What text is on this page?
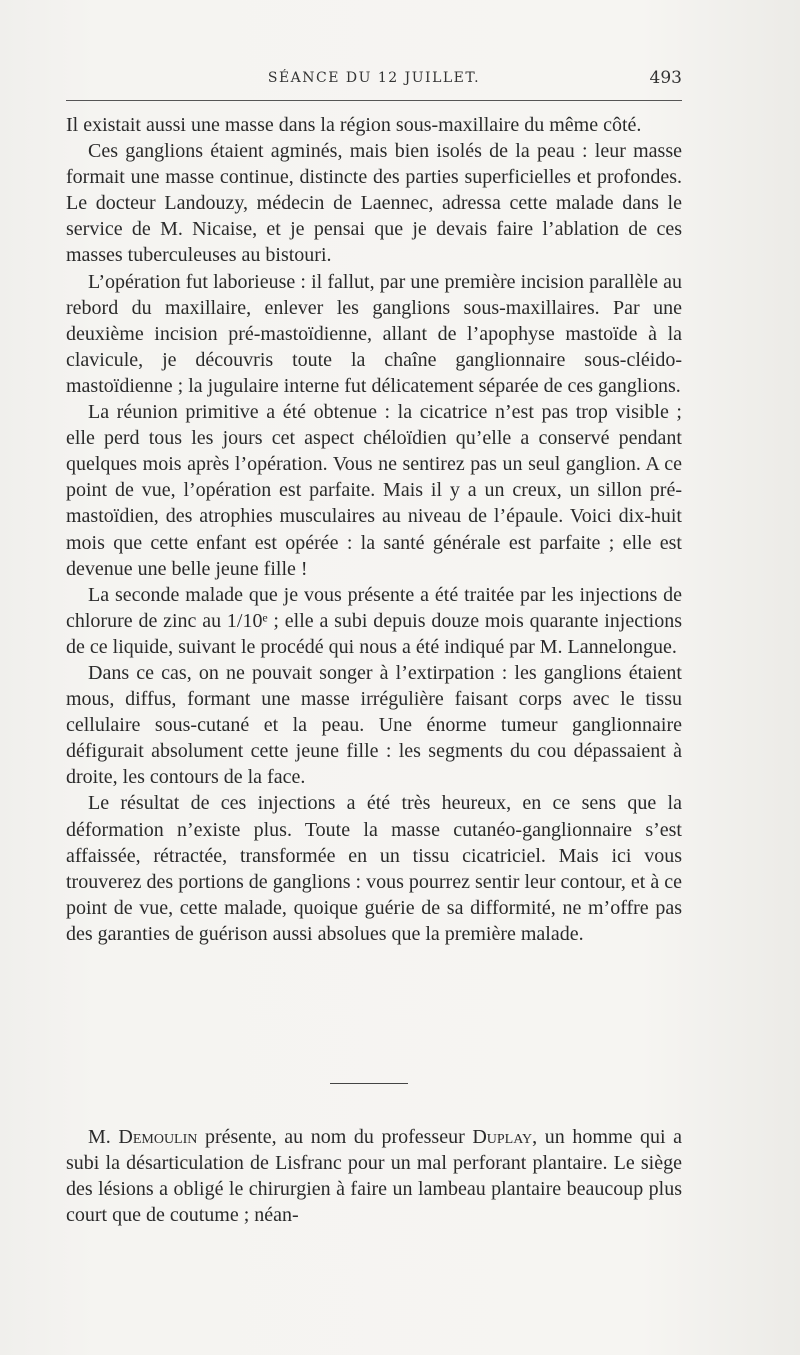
SÉANCE DU 12 JUILLET.	493

Il existait aussi une masse dans la région sous-maxillaire du même côté.

Ces ganglions étaient agminés, mais bien isolés de la peau : leur masse formait une masse continue, distincte des parties superficielles et profondes. Le docteur Landouzy, médecin de Laennec, adressa cette malade dans le service de M. Nicaise, et je pensai que je devais faire l’ablation de ces masses tuberculeuses au bistouri.

L’opération fut laborieuse : il fallut, par une première incision parallèle au rebord du maxillaire, enlever les ganglions sous-maxillaires. Par une deuxième incision pré-mastoïdienne, allant de l’apophyse mastoïde à la clavicule, je découvris toute la chaîne ganglionnaire sous-cléido-mastoïdienne ; la jugulaire interne fut délicatement séparée de ces ganglions.

La réunion primitive a été obtenue : la cicatrice n’est pas trop visible ; elle perd tous les jours cet aspect chéloïdien qu’elle a conservé pendant quelques mois après l’opération. Vous ne sentirez pas un seul ganglion. A ce point de vue, l’opération est parfaite. Mais il y a un creux, un sillon pré-mastoïdien, des atrophies musculaires au niveau de l’épaule. Voici dix-huit mois que cette enfant est opérée : la santé générale est parfaite ; elle est devenue une belle jeune fille !

La seconde malade que je vous présente a été traitée par les injections de chlorure de zinc au 1/10ᵉ ; elle a subi depuis douze mois quarante injections de ce liquide, suivant le procédé qui nous a été indiqué par M. Lannelongue.

Dans ce cas, on ne pouvait songer à l’extirpation : les ganglions étaient mous, diffus, formant une masse irrégulière faisant corps avec le tissu cellulaire sous-cutané et la peau. Une énorme tumeur ganglionnaire défigurait absolument cette jeune fille : les segments du cou dépassaient à droite, les contours de la face.

Le résultat de ces injections a été très heureux, en ce sens que la déformation n’existe plus. Toute la masse cutanéo-ganglionnaire s’est affaissée, rétractée, transformée en un tissu cicatriciel. Mais ici vous trouverez des portions de ganglions : vous pourrez sentir leur contour, et à ce point de vue, cette malade, quoique guérie de sa difformité, ne m’offre pas des garanties de guérison aussi absolues que la première malade.

M. Demoulin présente, au nom du professeur Duplay, un homme qui a subi la désarticulation de Lisfranc pour un mal perforant plantaire. Le siège des lésions a obligé le chirurgien à faire un lambeau plantaire beaucoup plus court que de coutume ; néan-
